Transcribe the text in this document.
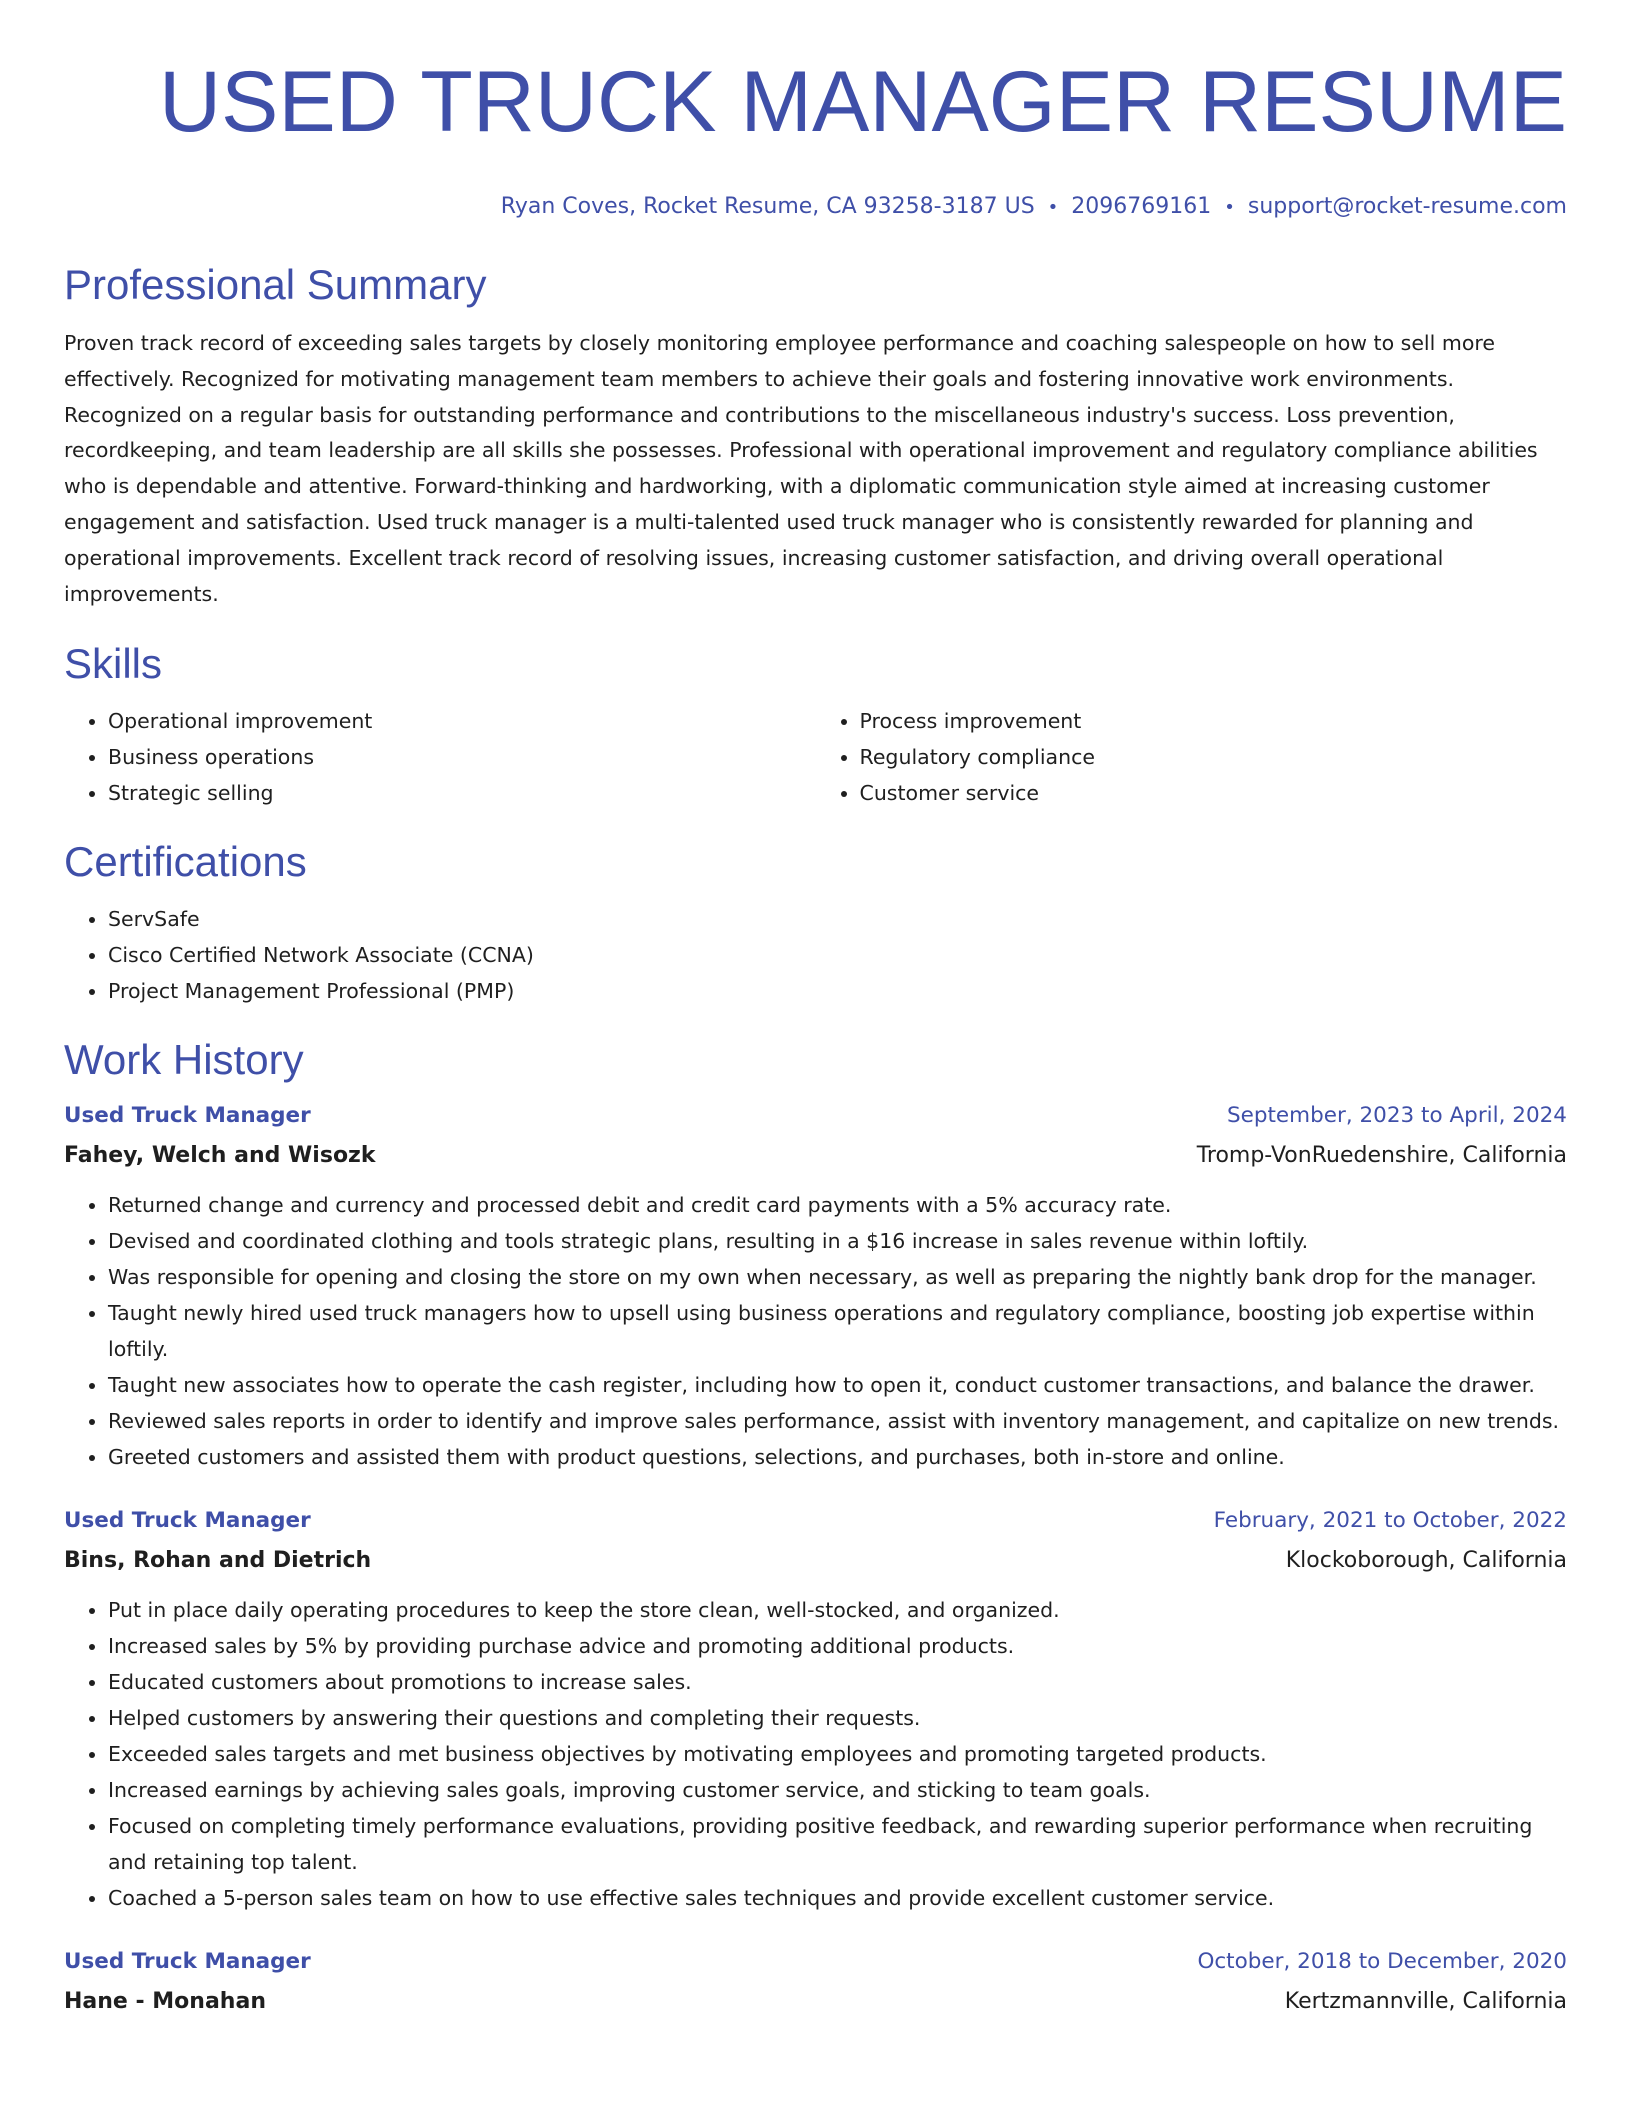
USED TRUCK MANAGER RESUME
Ryan Coves, Rocket Resume, CA 93258-3187 US • 2096769161 • support@rocket-resume.com
Professional Summary

Proven track record of exceeding sales targets by closely monitoring employee performance and coaching salespeople on how to sell more effectively. Recognized for motivating management team members to achieve their goals and fostering innovative work environments. Recognized on a regular basis for outstanding performance and contributions to the miscellaneous industry's success. Loss prevention, recordkeeping, and team leadership are all skills she possesses. Professional with operational improvement and regulatory compliance abilities who is dependable and attentive. Forward-thinking and hardworking, with a diplomatic communication style aimed at increasing customer engagement and satisfaction. Used truck manager is a multi-talented used truck manager who is consistently rewarded for planning and operational improvements. Excellent track record of resolving issues, increasing customer satisfaction, and driving overall operational improvements.

Skills
• Operational improvement
• Business operations
• Strategic selling
• Process improvement
• Regulatory compliance
• Customer service
Certifications
• ServSafe
• Cisco Certified Network Associate (CCNA)
• Project Management Professional (PMP)
Work History
Used Truck Manager	September, 2023 to April, 2024
Fahey, Welch and Wisozk	Tromp-VonRuedenshire, California
• Returned change and currency and processed debit and credit card payments with a 5% accuracy rate.
• Devised and coordinated clothing and tools strategic plans, resulting in a $16 increase in sales revenue within loftily.
• Was responsible for opening and closing the store on my own when necessary, as well as preparing the nightly bank drop for the manager.
• Taught newly hired used truck managers how to upsell using business operations and regulatory compliance, boosting job expertise within loftily.
• Taught new associates how to operate the cash register, including how to open it, conduct customer transactions, and balance the drawer.
• Reviewed sales reports in order to identify and improve sales performance, assist with inventory management, and capitalize on new trends.
• Greeted customers and assisted them with product questions, selections, and purchases, both in-store and online.
Used Truck Manager	February, 2021 to October, 2022
Bins, Rohan and Dietrich	Klockoborough, California
• Put in place daily operating procedures to keep the store clean, well-stocked, and organized.
• Increased sales by 5% by providing purchase advice and promoting additional products.
• Educated customers about promotions to increase sales.
• Helped customers by answering their questions and completing their requests.
• Exceeded sales targets and met business objectives by motivating employees and promoting targeted products.
• Increased earnings by achieving sales goals, improving customer service, and sticking to team goals.
• Focused on completing timely performance evaluations, providing positive feedback, and rewarding superior performance when recruiting and retaining top talent.
• Coached a 5-person sales team on how to use effective sales techniques and provide excellent customer service.
Used Truck Manager	October, 2018 to December, 2020
Hane - Monahan	Kertzmannville, California
